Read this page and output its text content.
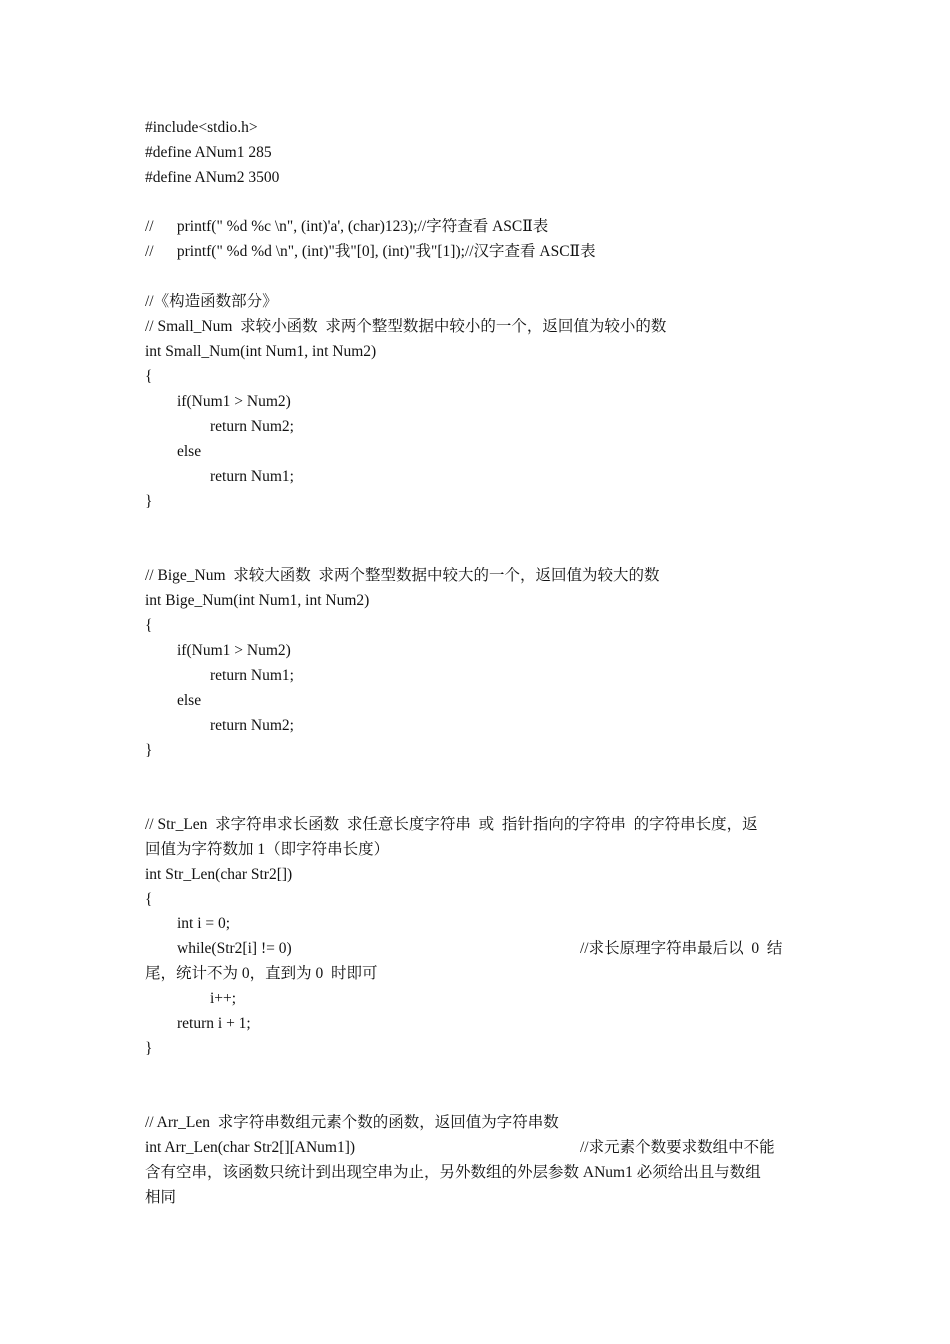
#include<stdio.h>

#define ANum1 285

#define ANum2 3500

//      printf(" %d %c \n", (int)'a', (char)123);//字符查看 ASCⅡ表

//      printf(" %d %d \n", (int)"我"[0], (int)"我"[1]);//汉字查看 ASCⅡ表

//《构造函数部分》

// Small_Num  求较小函数  求两个整型数据中较小的一个，返回值为较小的数

int Small_Num(int Num1, int Num2)

{

if(Num1 > Num2)

return Num2;

else

return Num1;

}

// Bige_Num  求较大函数  求两个整型数据中较大的一个，返回值为较大的数

int Bige_Num(int Num1, int Num2)

{

if(Num1 > Num2)

return Num1;

else

return Num2;

}

// Str_Len  求字符串求长函数  求任意长度字符串  或  指针指向的字符串  的字符串长度，返

回值为字符数加 1（即字符串长度）

int Str_Len(char Str2[])

{

int i = 0;

while(Str2[i] != 0)	//求长原理字符串最后以  0  结

尾，统计不为 0，直到为 0  时即可

i++;

return i + 1;

}

// Arr_Len  求字符串数组元素个数的函数，返回值为字符串数

int Arr_Len(char Str2[][ANum1])	//求元素个数要求数组中不能

含有空串，该函数只统计到出现空串为止，另外数组的外层参数 ANum1 必须给出且与数组

相同
